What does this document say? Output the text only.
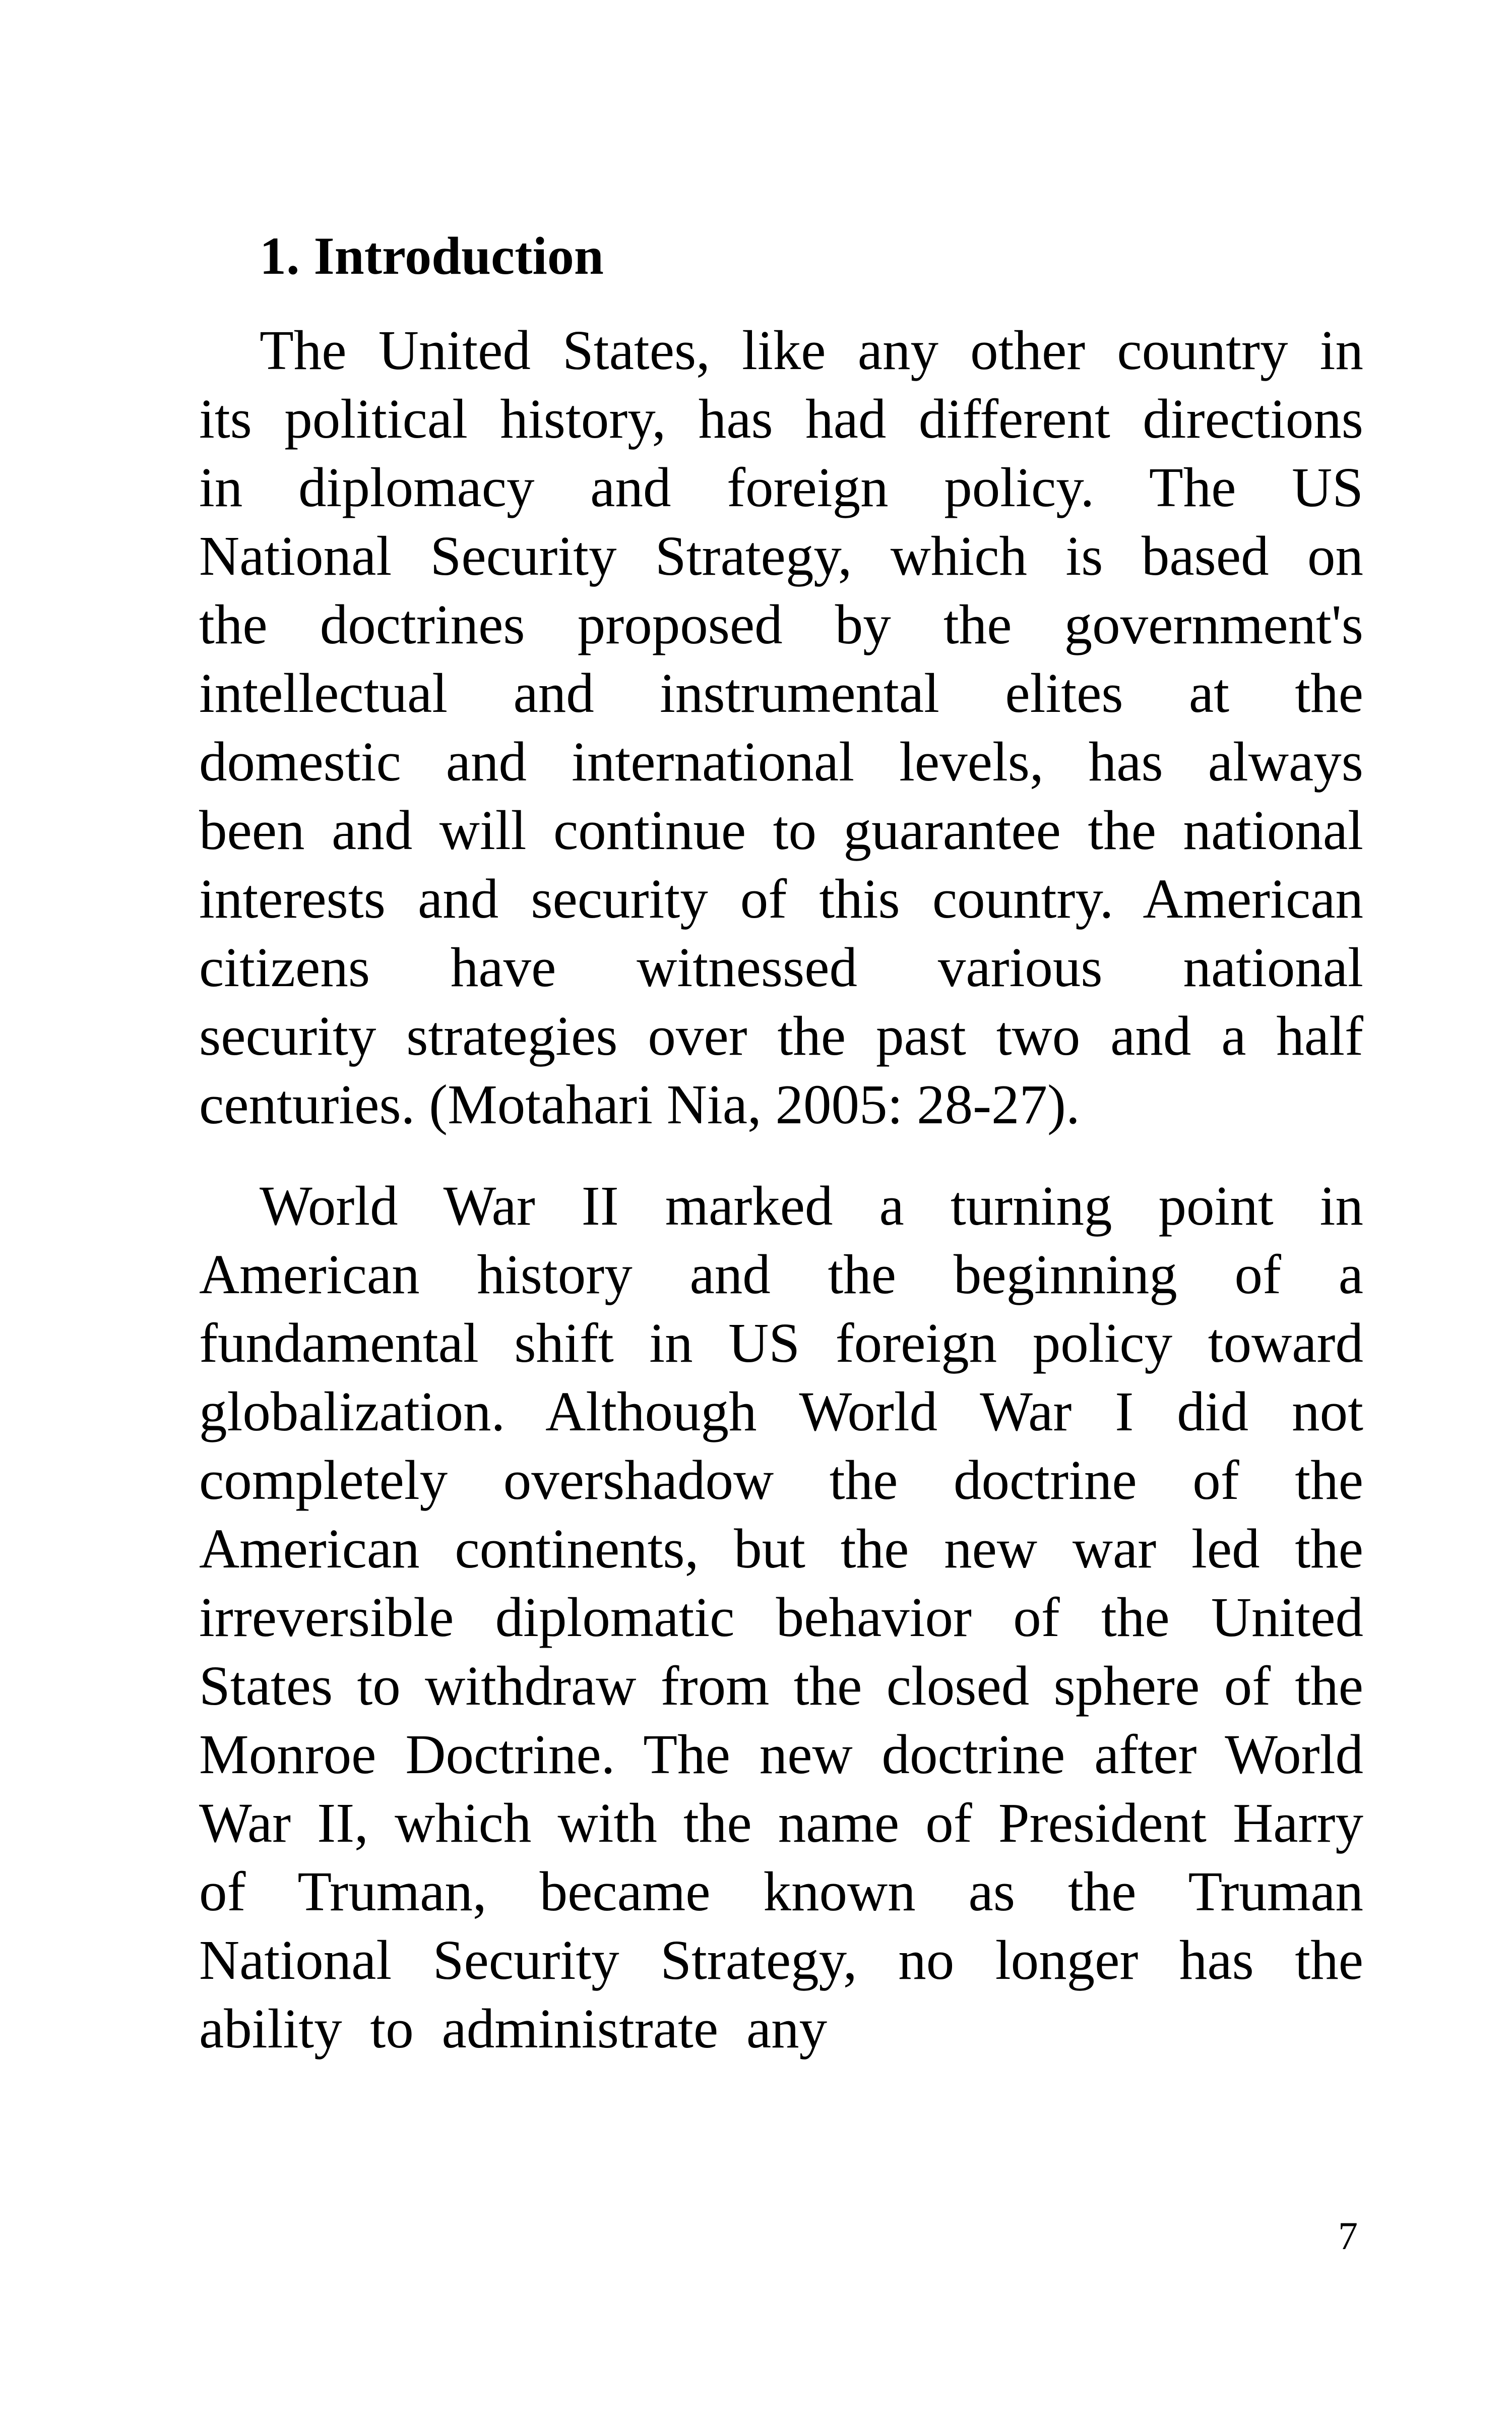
1. Introduction
The United States, like any other country in
its political history, has had different directions
in diplomacy and foreign policy. The US
National Security Strategy, which is based on
the doctrines proposed by the government's
intellectual and instrumental elites at the
domestic and international levels, has always
been and will continue to guarantee the national
interests and security of this country. American
citizens have witnessed various national
security strategies over the past two and a half
centuries. (Motahari Nia, 2005: 28-27).
World War II marked a turning point in
American history and the beginning of a
fundamental shift in US foreign policy toward
globalization. Although World War I did not
completely overshadow the doctrine of the
American continents, but the new war led the
irreversible diplomatic behavior of the United
States to withdraw from the closed sphere of the
Monroe Doctrine. The new doctrine after World
War II, which with the name of President Harry
of Truman, became known as the Truman
National Security Strategy, no longer has the
ability to administrate any
7
